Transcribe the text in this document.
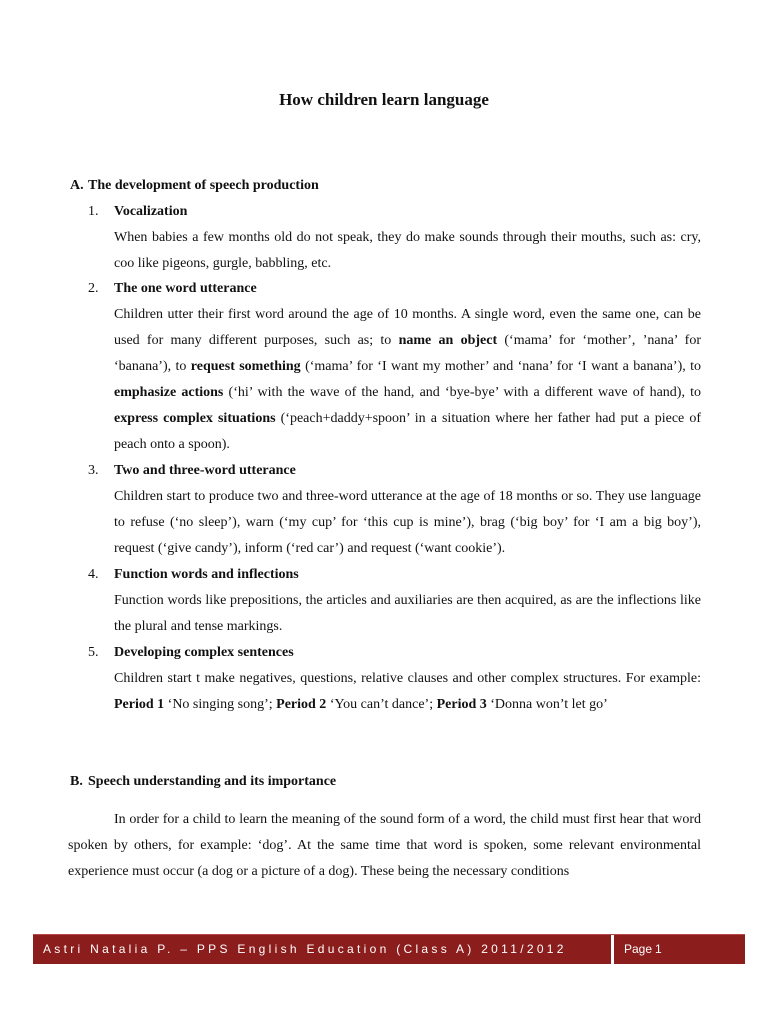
How children learn language
A. The development of speech production
1.	Vocalization
When babies a few months old do not speak, they do make sounds through their mouths, such as: cry, coo like pigeons, gurgle, babbling, etc.
2.	The one word utterance
Children utter their first word around the age of 10 months. A single word, even the same one, can be used for many different purposes, such as; to name an object (‘mama’ for ‘mother’, ’nana’ for ‘banana’), to request something (‘mama’ for ‘I want my mother’ and ‘nana’ for ‘I want a banana’), to emphasize actions (‘hi’ with the wave of the hand, and ‘bye-bye’ with a different wave of hand), to express complex situations (‘peach+daddy+spoon’ in a situation where her father had put a piece of peach onto a spoon).
3.	Two and three-word utterance
Children start to produce two and three-word utterance at the age of 18 months or so. They use language to refuse (‘no sleep’), warn (‘my cup’ for ‘this cup is mine’), brag (‘big boy’ for ‘I am a big boy’), request (‘give candy’), inform (‘red car’) and request (‘want cookie’).
4.	Function words and inflections
Function words like prepositions, the articles and auxiliaries are then acquired, as are the inflections like the plural and tense markings.
5.	Developing complex sentences
Children start t make negatives, questions, relative clauses and other complex structures. For example: Period 1 ‘No singing song’; Period 2 ‘You can’t dance’; Period 3 ‘Donna won’t let go’
B. Speech understanding and its importance
In order for a child to learn the meaning of the sound form of a word, the child must first hear that word spoken by others, for example: ‘dog’. At the same time that word is spoken, some relevant environmental experience must occur (a dog or a picture of a dog). These being the necessary conditions
Astri Natalia P. – PPS English Education (Class A) 2011/2012	Page 1
